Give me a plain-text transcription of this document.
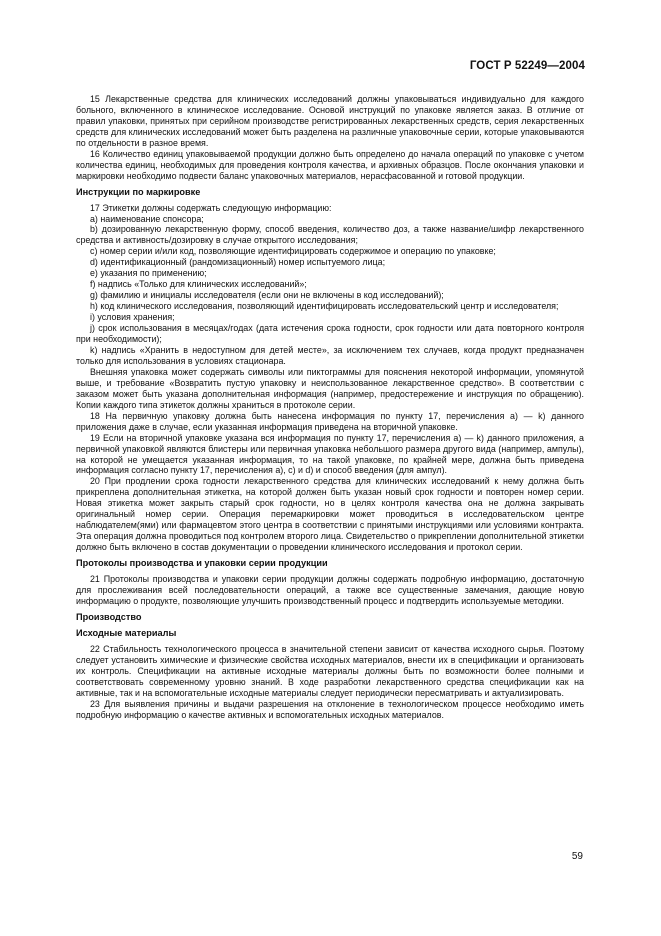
ГОСТ Р 52249—2004

15 Лекарственные средства для клинических исследований должны упаковываться индивидуально для каждого больного, включенного в клиническое исследование. Основой инструкций по упаковке является заказ. В отличие от правил упаковки, принятых при серийном производстве регистрированных лекарственных средств, серия лекарственных средств для клинических исследований может быть разделена на различные упаковочные серии, которые упаковываются по отдельности в разное время.

16 Количество единиц упаковываемой продукции должно быть определено до начала операций по упаковке с учетом количества единиц, необходимых для проведения контроля качества, и архивных образцов. После окончания упаковки и маркировки необходимо подвести баланс упаковочных материалов, нерасфасованной и готовой продукции.

Инструкции по маркировке

17 Этикетки должны содержать следующую информацию:

a) наименование спонсора;

b) дозированную лекарственную форму, способ введения, количество доз, а также название/шифр лекарственного средства и активность/дозировку в случае открытого исследования;

c) номер серии и/или код, позволяющие идентифицировать содержимое и операцию по упаковке;

d) идентификационный (рандомизационный) номер испытуемого лица;

e) указания по применению;

f) надпись «Только для клинических исследований»;

g) фамилию и инициалы исследователя (если они не включены в код исследований);

h) код клинического исследования, позволяющий идентифицировать исследовательский центр и исследователя;

i) условия хранения;

j) срок использования в месяцах/годах (дата истечения срока годности, срок годности или дата повторного контроля при необходимости);

k) надпись «Хранить в недоступном для детей месте», за исключением тех случаев, когда продукт предназначен только для использования в условиях стационара.

Внешняя упаковка может содержать символы или пиктограммы для пояснения некоторой информации, упомянутой выше, и требование «Возвратить пустую упаковку и неиспользованное лекарственное средство». В соответствии с заказом может быть указана дополнительная информация (например, предостережение и инструкция по обращению). Копии каждого типа этикеток должны храниться в протоколе серии.

18 На первичную упаковку должна быть нанесена информация по пункту 17, перечисления а) — k) данного приложения даже в случае, если указанная информация приведена на вторичной упаковке.

19 Если на вторичной упаковке указана вся информация по пункту 17, перечисления а) — k) данного приложения, а первичной упаковкой являются блистеры или первичная упаковка небольшого размера другого вида (например, ампулы), на которой не умещается указанная информация, то на такой упаковке, по крайней мере, должна быть приведена информация согласно пункту 17, перечисления а), с) и d) и способ введения (для ампул).

20 При продлении срока годности лекарственного средства для клинических исследований к нему должна быть прикреплена дополнительная этикетка, на которой должен быть указан новый срок годности и повторен номер серии. Новая этикетка может закрыть старый срок годности, но в целях контроля качества она не должна закрывать оригинальный номер серии. Операция перемаркировки может проводиться в исследовательском центре наблюдателем(ями) или фармацевтом этого центра в соответствии с принятыми инструкциями или условиями контракта. Эта операция должна проводиться под контролем второго лица. Свидетельство о прикреплении дополнительной этикетки должно быть включено в состав документации о проведении клинического исследования и протокол серии.

Протоколы производства и упаковки серии продукции

21 Протоколы производства и упаковки серии продукции должны содержать подробную информацию, достаточную для прослеживания всей последовательности операций, а также все существенные замечания, дающие новую информацию о продукте, позволяющие улучшить производственный процесс и подтвердить используемые методики.

Производство

Исходные материалы

22 Стабильность технологического процесса в значительной степени зависит от качества исходного сырья. Поэтому следует установить химические и физические свойства исходных материалов, внести их в спецификации и организовать их контроль. Спецификации на активные исходные материалы должны быть по возможности более полными и соответствовать современному уровню знаний. В ходе разработки лекарственного средства спецификации как на активные, так и на вспомогательные исходные материалы следует периодически пересматривать и актуализировать.

23 Для выявления причины и выдачи разрешения на отклонение в технологическом процессе необходимо иметь подробную информацию о качестве активных и вспомогательных исходных материалов.

59
